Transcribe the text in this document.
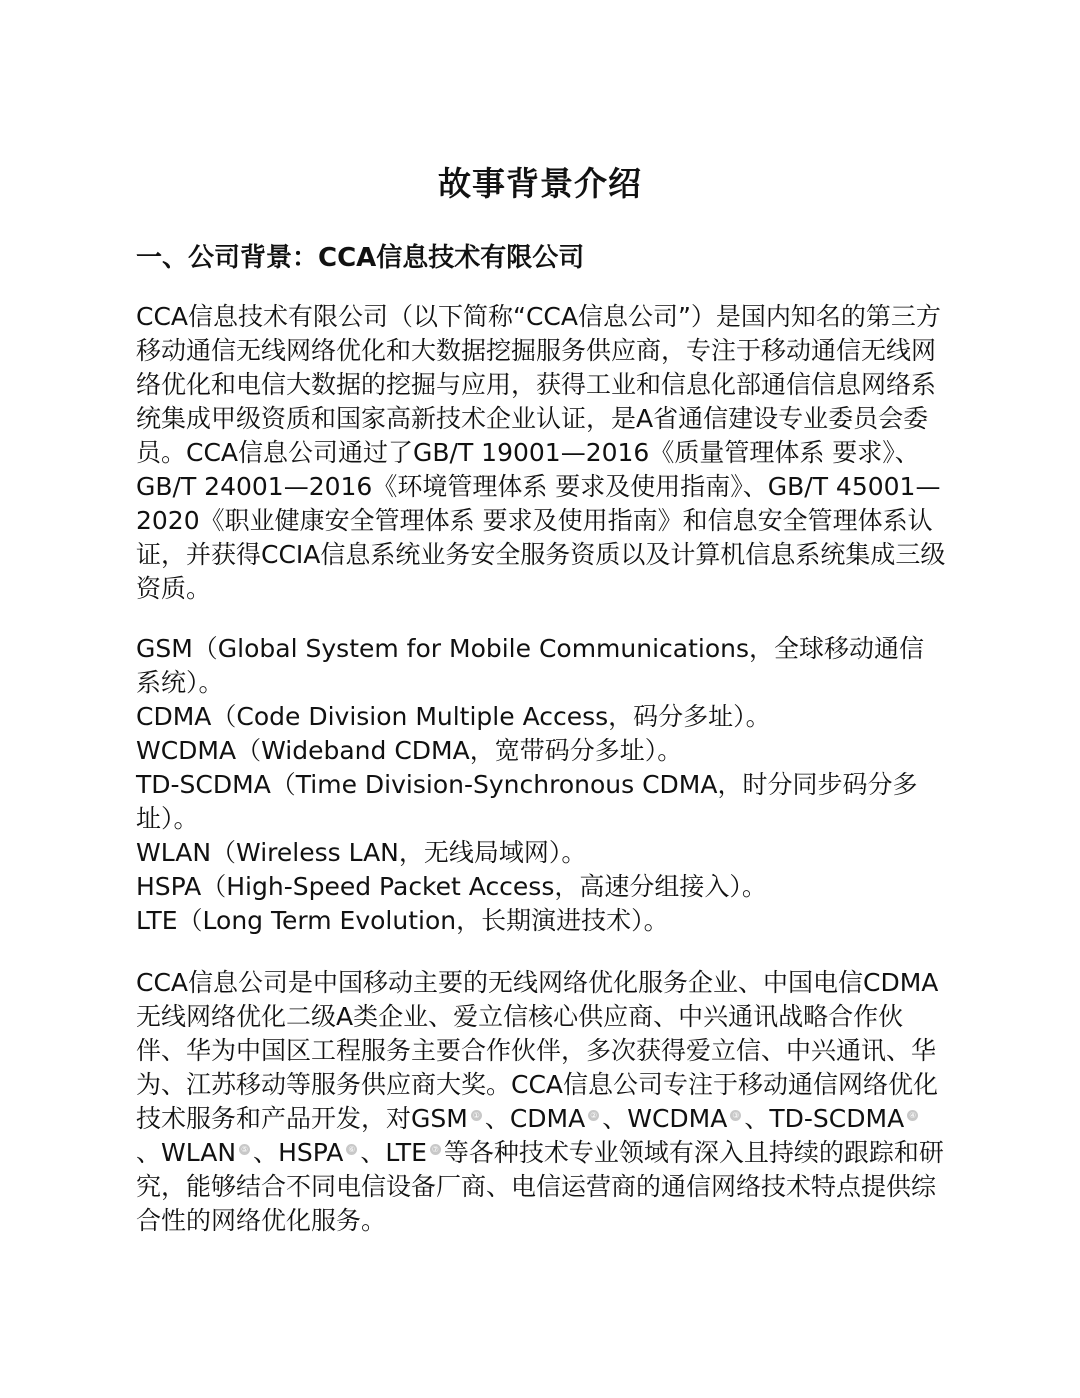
故事背景介绍
一、公司背景：CCA信息技术有限公司

CCA信息技术有限公司（以下简称“CCA信息公司”）是国内知名的第三方移动通信无线网络优化和大数据挖掘服务供应商，专注于移动通信无线网络优化和电信大数据的挖掘与应用，获得工业和信息化部通信信息网络系统集成甲级资质和国家高新技术企业认证，是A省通信建设专业委员会委员。CCA信息公司通过了GB/T 19001—2016《质量管理体系 要求》、GB/T 24001—2016《环境管理体系 要求及使用指南》、GB/T 45001—2020《职业健康安全管理体系 要求及使用指南》和信息安全管理体系认证，并获得CCIA信息系统业务安全服务资质以及计算机信息系统集成三级资质。

GSM（Global System for Mobile Communications，全球移动通信系统）。

CDMA（Code Division Multiple Access，码分多址）。

WCDMA（Wideband CDMA，宽带码分多址）。

TD-SCDMA（Time Division-Synchronous CDMA，时分同步码分多址）。

WLAN（Wireless LAN，无线局域网）。

HSPA（High-Speed Packet Access，高速分组接入）。

LTE（Long Term Evolution，长期演进技术）。

CCA信息公司是中国移动主要的无线网络优化服务企业、中国电信CDMA无线网络优化二级A类企业、爱立信核心供应商、中兴通讯战略合作伙伴、华为中国区工程服务主要合作伙伴，多次获得爱立信、中兴通讯、华为、江苏移动等服务供应商大奖。CCA信息公司专注于移动通信网络优化技术服务和产品开发，对GSM ① 、CDMA ② 、WCDMA ③ 、TD-SCDMA ④、WLAN ⑤ 、HSPA ⑥ 、LTE ⑦ 等各种技术专业领域有深入且持续的跟踪和研究，能够结合不同电信设备厂商、电信运营商的通信网络技术特点提供综合性的网络优化服务。
